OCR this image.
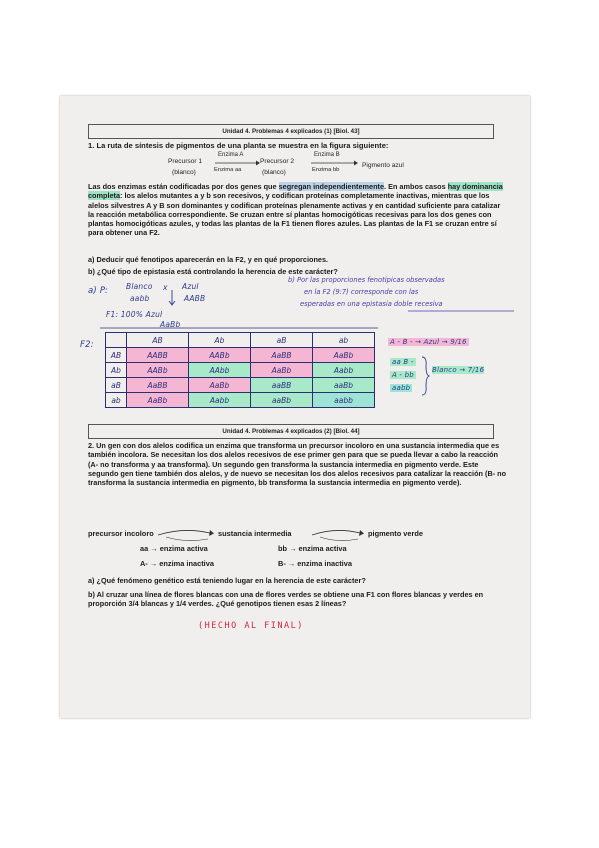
Unidad 4. Problemas 4 explicados (1) [Biol. 43]
1. La ruta de síntesis de pigmentos de una planta se muestra en la figura siguiente:
Precursor 1
(blanco)
Enzima A
Enzima aa
Precursor 2
(blanco)
Enzima B
Enzima bb
Pigmento azul
Las dos enzimas están codificadas por dos genes que segregan independientemente. En ambos casos hay dominancia completa: los alelos mutantes a y b son recesivos, y codifican proteínas completamente inactivas, mientras que los alelos silvestres A y B son dominantes y codifican proteínas plenamente activas y en cantidad suficiente para catalizar la reacción metabólica correspondiente. Se cruzan entre sí plantas homocigóticas recesivas para los dos genes con plantas homocigóticas azules, y todas las plantas de la F1 tienen flores azules. Las plantas de la F1 se cruzan entre sí para obtener una F2.
a) Deducir qué fenotipos aparecerán en la F2, y en qué proporciones.
b) ¿Qué tipo de epistasia está controlando la herencia de este carácter?
a) P: Blanco x Azul
aabb	AABB
F1: 100% Azul
AaBb
b) Por las proporciones fenotípicas observadas
en la F2 (9:7) corresponde con las
esperadas en una epistasia doble recesiva
F2:
		AB	Ab	aB	ab
AB	AABB	AABb	AaBB	AaBb
Ab	AABb	AAbb	AaBb	Aabb
aB	AaBB	AaBb	aaBB	aaBb
ab	AaBb	Aabb	aaBb	aabb
A - B - → Azul → 9/16
aa B -
A - bb
aabb
Blanco → 7/16
Unidad 4. Problemas 4 explicados (2) [Biol. 44]
2. Un gen con dos alelos codifica un enzima que transforma un precursor incoloro en una sustancia intermedia que es también incolora. Se necesitan los dos alelos recesivos de ese primer gen para que se pueda llevar a cabo la reacción (A- no transforma y aa transforma). Un segundo gen transforma la sustancia intermedia en pigmento verde. Este segundo gen tiene también dos alelos, y de nuevo se necesitan los dos alelos recesivos para catalizar la reacción (B- no transforma la sustancia intermedia en pigmento, bb transforma la sustancia intermedia en pigmento verde).
precursor incoloro	sustancia intermedia	pigmento verde
aa → enzima activa	bb → enzima activa
A- → enzima inactiva	B- → enzima inactiva
a) ¿Qué fenómeno genético está teniendo lugar en la herencia de este carácter?
b) Al cruzar una línea de flores blancas con una de flores verdes se obtiene una F1 con flores blancas y verdes en proporción 3/4 blancas y 1/4 verdes. ¿Qué genotipos tienen esas 2 líneas?
(HECHO AL FINAL)
